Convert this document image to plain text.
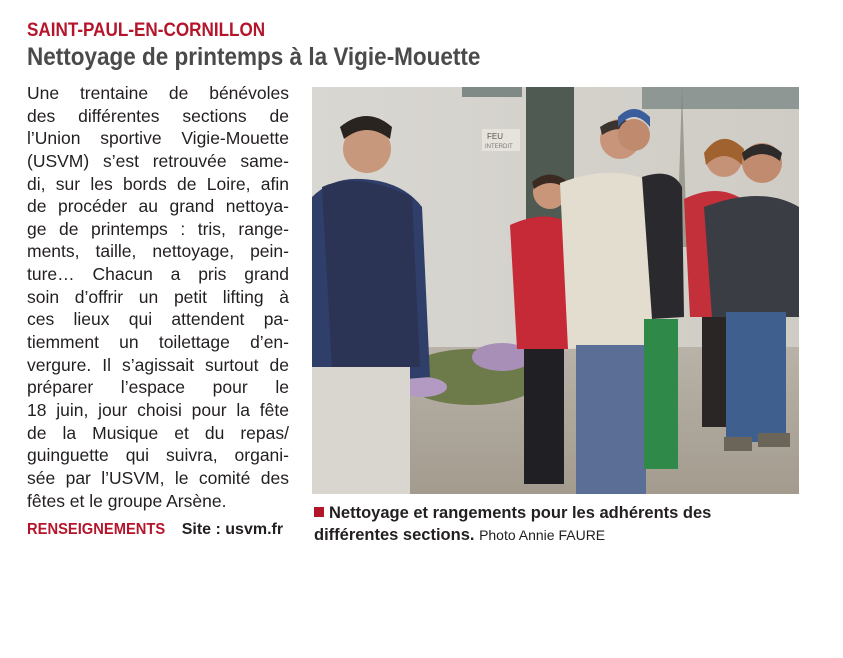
SAINT-PAUL-EN-CORNILLON
Nettoyage de printemps à la Vigie-Mouette
Une trentaine de bénévoles
des différentes sections de
l’Union sportive Vigie-Mouette
(USVM) s’est retrouvée same-
di, sur les bords de Loire, afin
de procéder au grand nettoya-
ge de printemps : tris, range-
ments, taille, nettoyage, pein-
ture… Chacun a pris grand
soin d’offrir un petit lifting à
ces lieux qui attendent pa-
tiemment un toilettage d’en-
vergure. Il s’agissait surtout de
préparer l’espace pour le
18 juin, jour choisi pour la fête
de la Musique et du repas/
guinguette qui suivra, organi-
sée par l’USVM, le comité des
fêtes et le groupe Arsène.
RENSEIGNEMENTS Site : usvm.fr
FEU
INTERDIT
Nettoyage et rangements pour les adhérents des différentes sections. Photo Annie FAURE
